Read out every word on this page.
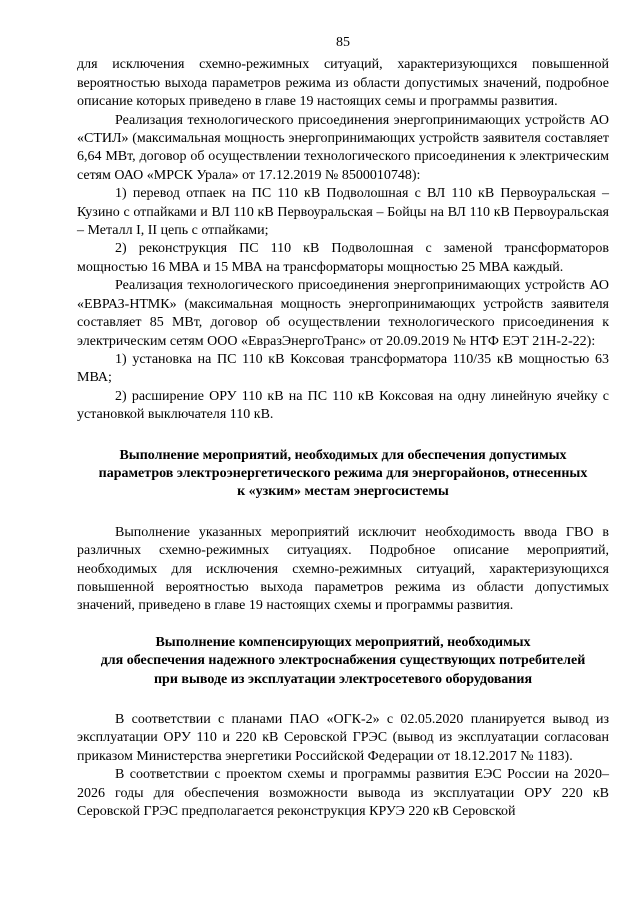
85

для исключения схемно-режимных ситуаций, характеризующихся повышенной вероятностью выхода параметров режима из области допустимых значений, подробное описание которых приведено в главе 19 настоящих семы и программы развития.

Реализация технологического присоединения энергопринимающих устройств АО «СТИЛ» (максимальная мощность энергопринимающих устройств заявителя составляет 6,64 МВт, договор об осуществлении технологического присоединения к электрическим сетям ОАО «МРСК Урала» от 17.12.2019 № 8500010748):

1) перевод отпаек на ПС 110 кВ Подволошная с ВЛ 110 кВ Первоуральская – Кузино с отпайками и ВЛ 110 кВ Первоуральская – Бойцы на ВЛ 110 кВ Первоуральская – Металл I, II цепь с отпайками;

2) реконструкция ПС 110 кВ Подволошная с заменой трансформаторов мощностью 16 МВА и 15 МВА на трансформаторы мощностью 25 МВА каждый.

Реализация технологического присоединения энергопринимающих устройств АО «ЕВРАЗ-НТМК» (максимальная мощность энергопринимающих устройств заявителя составляет 85 МВт, договор об осуществлении технологического присоединения к электрическим сетям ООО «ЕвразЭнергоТранс» от 20.09.2019 № НТФ ЕЭТ 21Н-2-22):

1) установка на ПС 110 кВ Коксовая трансформатора 110/35 кВ мощностью 63 МВА;

2) расширение ОРУ 110 кВ на ПС 110 кВ Коксовая на одну линейную ячейку с установкой выключателя 110 кВ.

Выполнение мероприятий, необходимых для обеспечения допустимых
параметров электроэнергетического режима для энергорайонов, отнесенных
к «узким» местам энергосистемы

Выполнение указанных мероприятий исключит необходимость ввода ГВО в различных схемно-режимных ситуациях. Подробное описание мероприятий, необходимых для исключения схемно-режимных ситуаций, характеризующихся повышенной вероятностью выхода параметров режима из области допустимых значений, приведено в главе 19 настоящих схемы и программы развития.

Выполнение компенсирующих мероприятий, необходимых
для обеспечения надежного электроснабжения существующих потребителей
при выводе из эксплуатации электросетевого оборудования

В соответствии с планами ПАО «ОГК-2» с 02.05.2020 планируется вывод из эксплуатации ОРУ 110 и 220 кВ Серовской ГРЭС (вывод из эксплуатации согласован приказом Министерства энергетики Российской Федерации от 18.12.2017 № 1183).

В соответствии с проектом схемы и программы развития ЕЭС России на 2020–2026 годы для обеспечения возможности вывода из эксплуатации ОРУ 220 кВ Серовской ГРЭС предполагается реконструкция КРУЭ 220 кВ Серовской
